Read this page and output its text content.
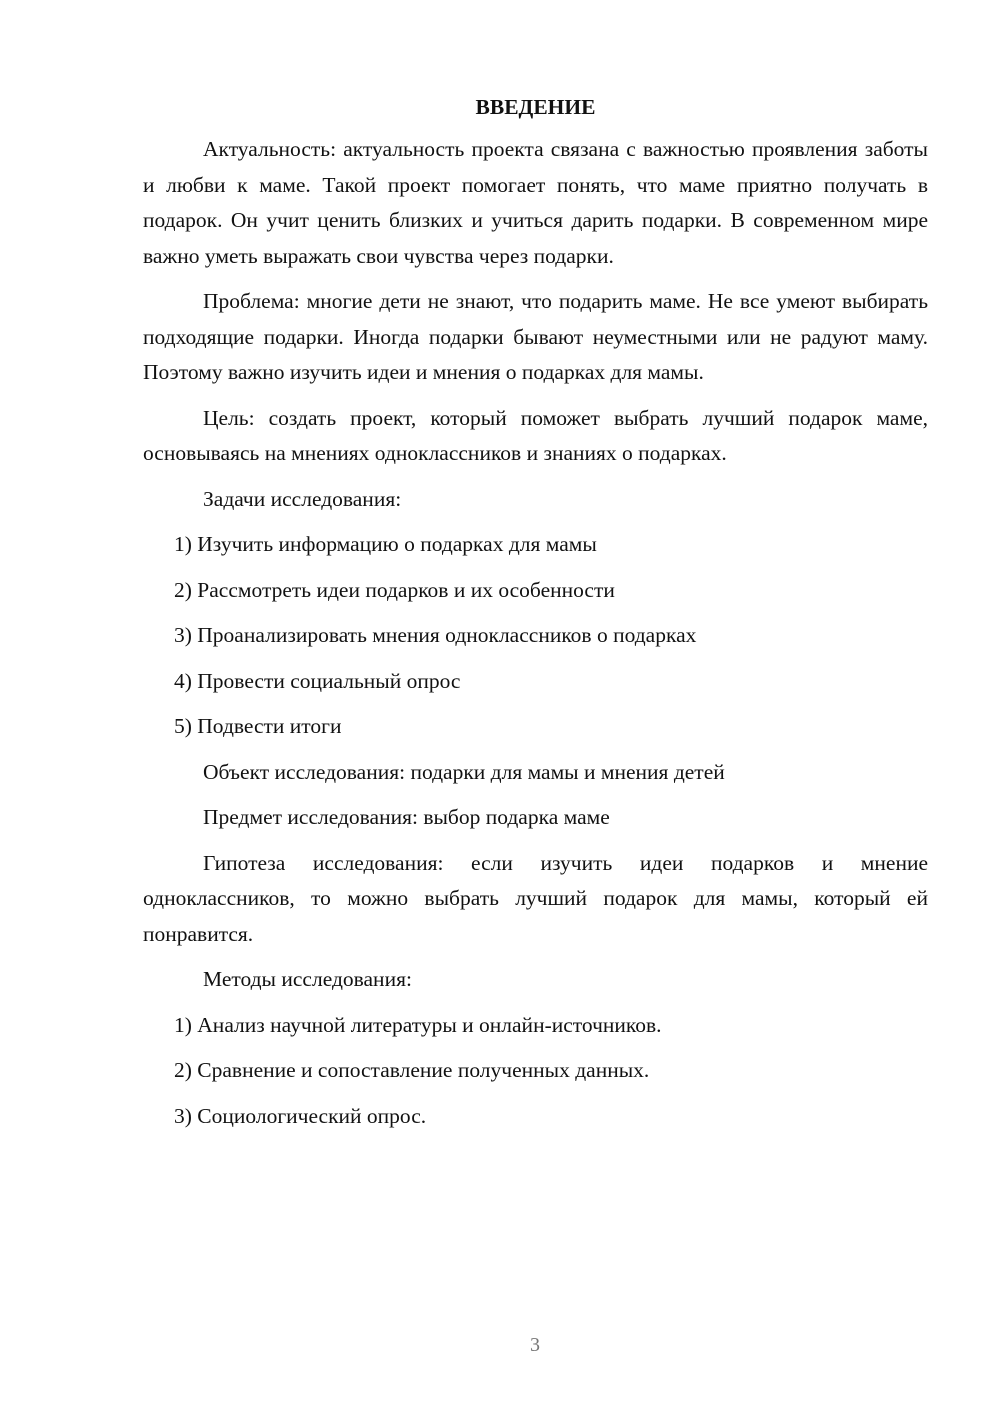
ВВЕДЕНИЕ

Актуальность: актуальность проекта связана с важностью проявления заботы и любви к маме. Такой проект помогает понять, что маме приятно получать в подарок. Он учит ценить близких и учиться дарить подарки. В современном мире важно уметь выражать свои чувства через подарки.

Проблема: многие дети не знают, что подарить маме. Не все умеют выбирать подходящие подарки. Иногда подарки бывают неуместными или не радуют маму. Поэтому важно изучить идеи и мнения о подарках для мамы.

Цель: создать проект, который поможет выбрать лучший подарок маме, основываясь на мнениях одноклассников и знаниях о подарках.

Задачи исследования:

1) Изучить информацию о подарках для мамы
2) Рассмотреть идеи подарков и их особенности
3) Проанализировать мнения одноклассников о подарках
4) Провести социальный опрос
5) Подвести итоги

Объект исследования: подарки для мамы и мнения детей

Предмет исследования: выбор подарка маме

Гипотеза исследования: если изучить идеи подарков и мнение одноклассников, то можно выбрать лучший подарок для мамы, который ей понравится.

Методы исследования:

1) Анализ научной литературы и онлайн-источников.
2) Сравнение и сопоставление полученных данных.
3) Социологический опрос.
3
